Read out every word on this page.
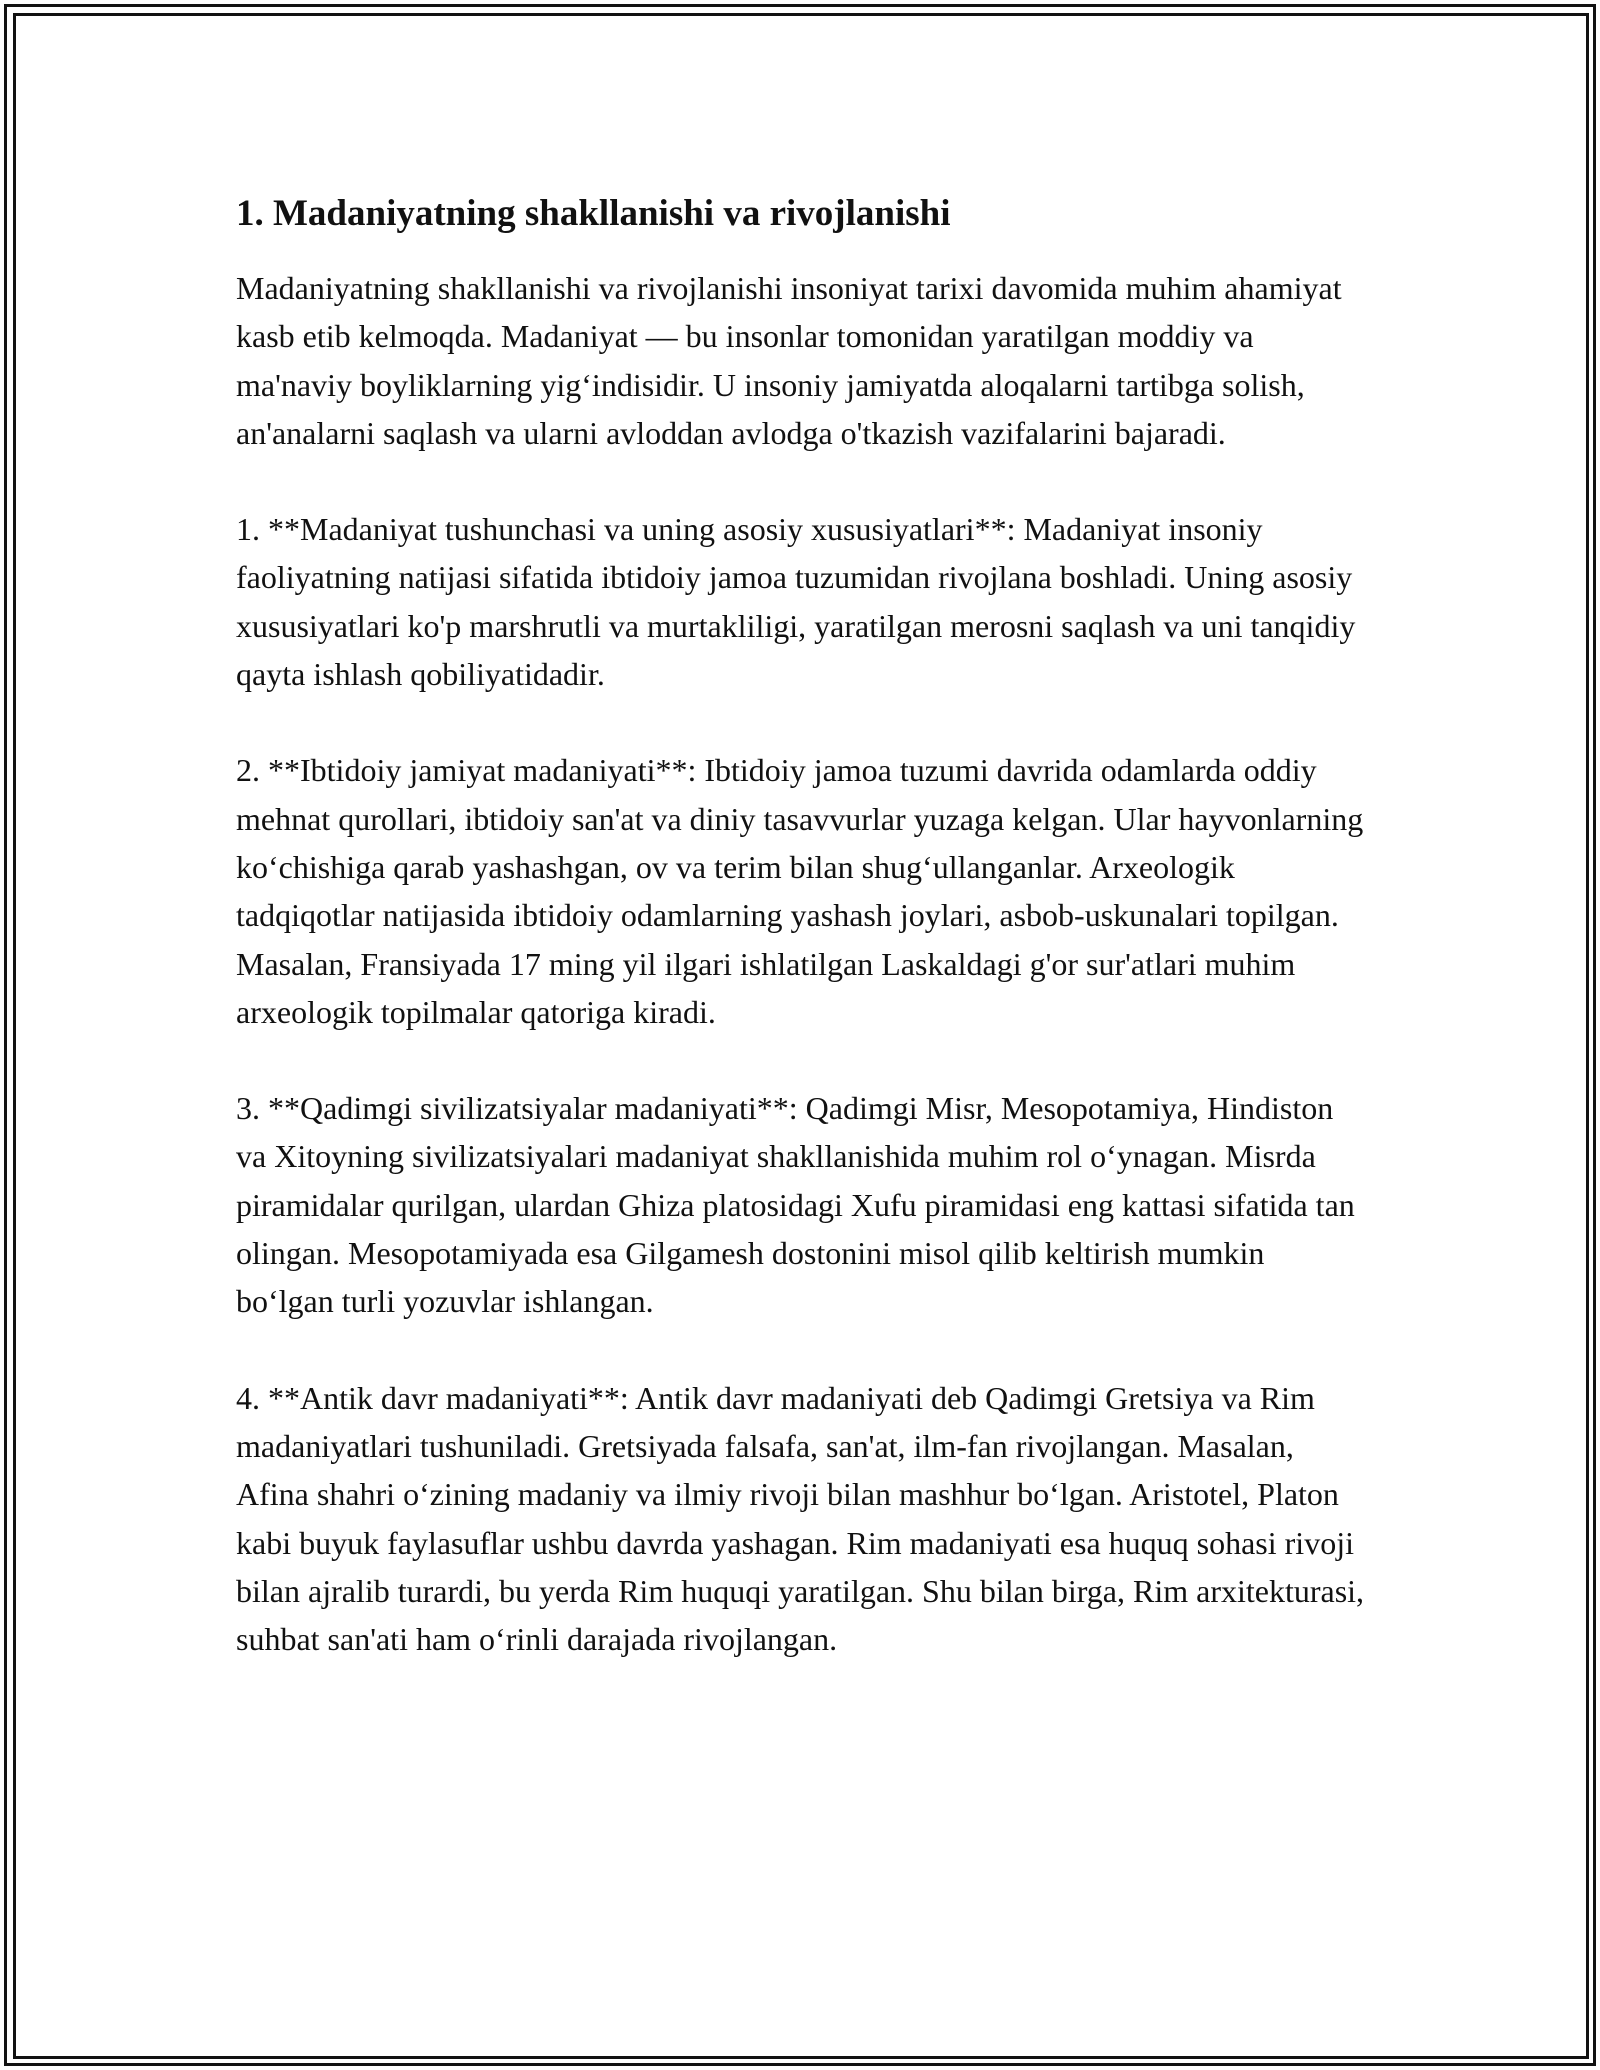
1. Madaniyatning shakllanishi va rivojlanishi

Madaniyatning shakllanishi va rivojlanishi insoniyat tarixi davomida muhim ahamiyat kasb etib kelmoqda. Madaniyat — bu insonlar tomonidan yaratilgan moddiy va ma'naviy boyliklarning yig‘indisidir. U insoniy jamiyatda aloqalarni tartibga solish, an'analarni saqlash va ularni avloddan avlodga o'tkazish vazifalarini bajaradi.

1. **Madaniyat tushunchasi va uning asosiy xususiyatlari**: Madaniyat insoniy faoliyatning natijasi sifatida ibtidoiy jamoa tuzumidan rivojlana boshladi. Uning asosiy xususiyatlari ko'p marshrutli va murtakliligi, yaratilgan merosni saqlash va uni tanqidiy qayta ishlash qobiliyatidadir.

2. **Ibtidoiy jamiyat madaniyati**: Ibtidoiy jamoa tuzumi davrida odamlarda oddiy mehnat qurollari, ibtidoiy san'at va diniy tasavvurlar yuzaga kelgan. Ular hayvonlarning ko‘chishiga qarab yashashgan, ov va terim bilan shug‘ullanganlar. Arxeologik tadqiqotlar natijasida ibtidoiy odamlarning yashash joylari, asbob-uskunalari topilgan. Masalan, Fransiyada 17 ming yil ilgari ishlatilgan Laskaldagi g'or sur'atlari muhim arxeologik topilmalar qatoriga kiradi.

3. **Qadimgi sivilizatsiyalar madaniyati**: Qadimgi Misr, Mesopotamiya, Hindiston va Xitoyning sivilizatsiyalari madaniyat shakllanishida muhim rol o‘ynagan. Misrda piramidalar qurilgan, ulardan Ghiza platosidagi Xufu piramidasi eng kattasi sifatida tan olingan. Mesopotamiyada esa Gilgamesh dostonini misol qilib keltirish mumkin bo‘lgan turli yozuvlar ishlangan.

4. **Antik davr madaniyati**: Antik davr madaniyati deb Qadimgi Gretsiya va Rim madaniyatlari tushuniladi. Gretsiyada falsafa, san'at, ilm-fan rivojlangan. Masalan, Afina shahri o‘zining madaniy va ilmiy rivoji bilan mashhur bo‘lgan. Aristotel, Platon kabi buyuk faylasuflar ushbu davrda yashagan. Rim madaniyati esa huquq sohasi rivoji bilan ajralib turardi, bu yerda Rim huquqi yaratilgan. Shu bilan birga, Rim arxitekturasi, suhbat san'ati ham o‘rinli darajada rivojlangan.
